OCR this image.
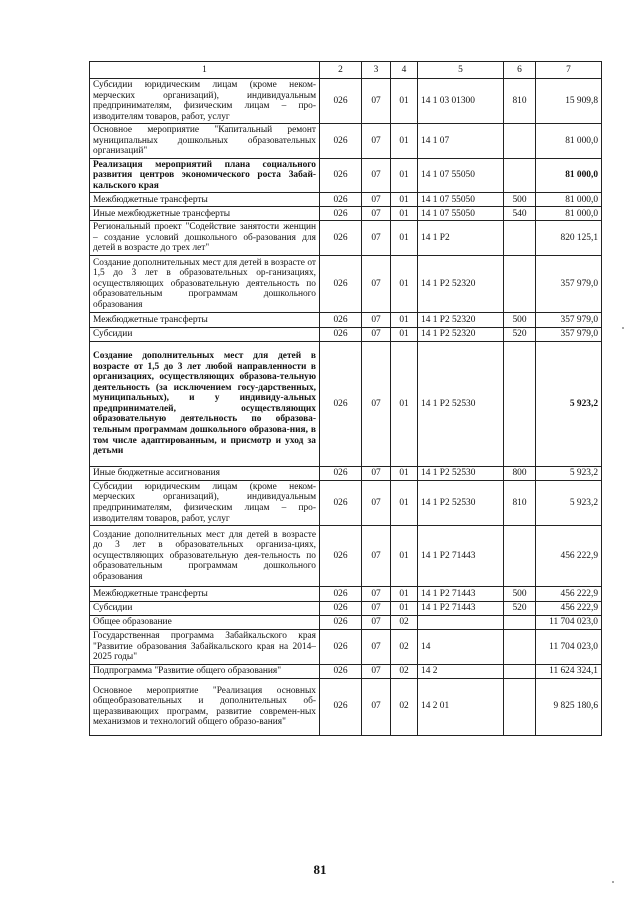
1	2	3	4	5	6	7
Субсидии юридическим лицам (кроме неком-мерческих организаций), индивидуальным предпринимателям, физическим лицам – про-изводителям товаров, работ, услуг	026	07	01	14 1 03 01300	810	15 909,8
Основное мероприятие "Капитальный ремонт муниципальных дошкольных образовательных организаций"	026	07	01	14 1 07		81 000,0
Реализация мероприятий плана социального развития центров экономического роста Забай-кальского края	026	07	01	14 1 07 55050		81 000,0
Межбюджетные трансферты	026	07	01	14 1 07 55050	500	81 000,0
Иные межбюджетные трансферты	026	07	01	14 1 07 55050	540	81 000,0
Региональный проект "Содействие занятости женщин – создание условий дошкольного об-разования для детей в возрасте до трех лет"	026	07	01	14 1 P2		820 125,1
Создание дополнительных мест для детей в возрасте от 1,5 до 3 лет в образовательных ор-ганизациях, осуществляющих образовательную деятельность по образовательным программам дошкольного образования	026	07	01	14 1 P2 52320		357 979,0
Межбюджетные трансферты	026	07	01	14 1 P2 52320	500	357 979,0
Субсидии	026	07	01	14 1 P2 52320	520	357 979,0
Создание дополнительных мест для детей в возрасте от 1,5 до 3 лет любой направленности в организациях, осуществляющих образова-тельную деятельность (за исключением госу-дарственных, муниципальных), и у индивиду-альных предпринимателей, осуществляющих образовательную деятельность по образова-тельным программам дошкольного образова-ния, в том числе адаптированным, и присмотр и уход за детьми	026	07	01	14 1 P2 52530		5 923,2
Иные бюджетные ассигнования	026	07	01	14 1 P2 52530	800	5 923,2
Субсидии юридическим лицам (кроме неком-мерческих организаций), индивидуальным предпринимателям, физическим лицам – про-изводителям товаров, работ, услуг	026	07	01	14 1 P2 52530	810	5 923,2
Создание дополнительных мест для детей в возрасте до 3 лет в образовательных организа-циях, осуществляющих образовательную дея-тельность по образовательным программам дошкольного образования	026	07	01	14 1 P2 71443		456 222,9
Межбюджетные трансферты	026	07	01	14 1 P2 71443	500	456 222,9
Субсидии	026	07	01	14 1 P2 71443	520	456 222,9
Общее образование	026	07	02			11 704 023,0
Государственная программа Забайкальского края "Развитие образования Забайкальского края на 2014–2025 годы"	026	07	02	14		11 704 023,0
Подпрограмма "Развитие общего образования"	026	07	02	14 2		11 624 324,1
Основное мероприятие "Реализация основных общеобразовательных и дополнительных об-щеразвивающих программ, развитие современ-ных механизмов и технологий общего образо-вания"	026	07	02	14 2 01		9 825 180,6
81
